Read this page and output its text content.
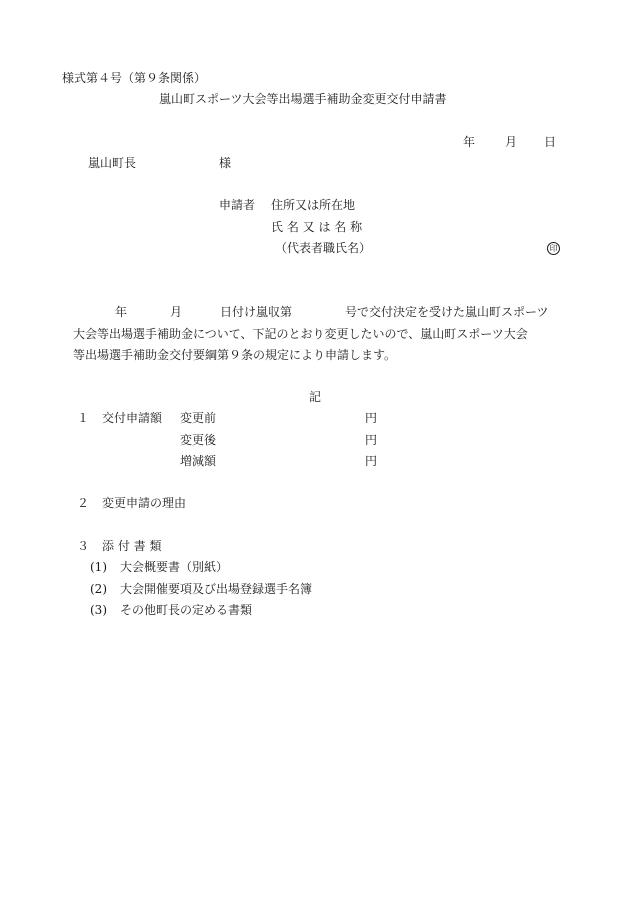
様式第４号（第９条関係）
嵐山町スポーツ大会等出場選手補助金変更交付申請書
年 月 日
嵐山町長	様
申請者 住所又は所在地
氏 名 又 は 名 称
（代表者職氏名）	印
年	月	日付け嵐収第	号で交付決定を受けた嵐山町スポーツ
大会等出場選手補助金について、下記のとおり変更したいので、嵐山町スポーツ大会
等出場選手補助金交付要綱第９条の規定により申請します。
記
１ 交付申請額 変更前	円
変更後	円
増減額	円
２ 変更申請の理由
３ 添 付 書 類
(1) 大会概要書（別紙）
(2) 大会開催要項及び出場登録選手名簿
(3) その他町長の定める書類
